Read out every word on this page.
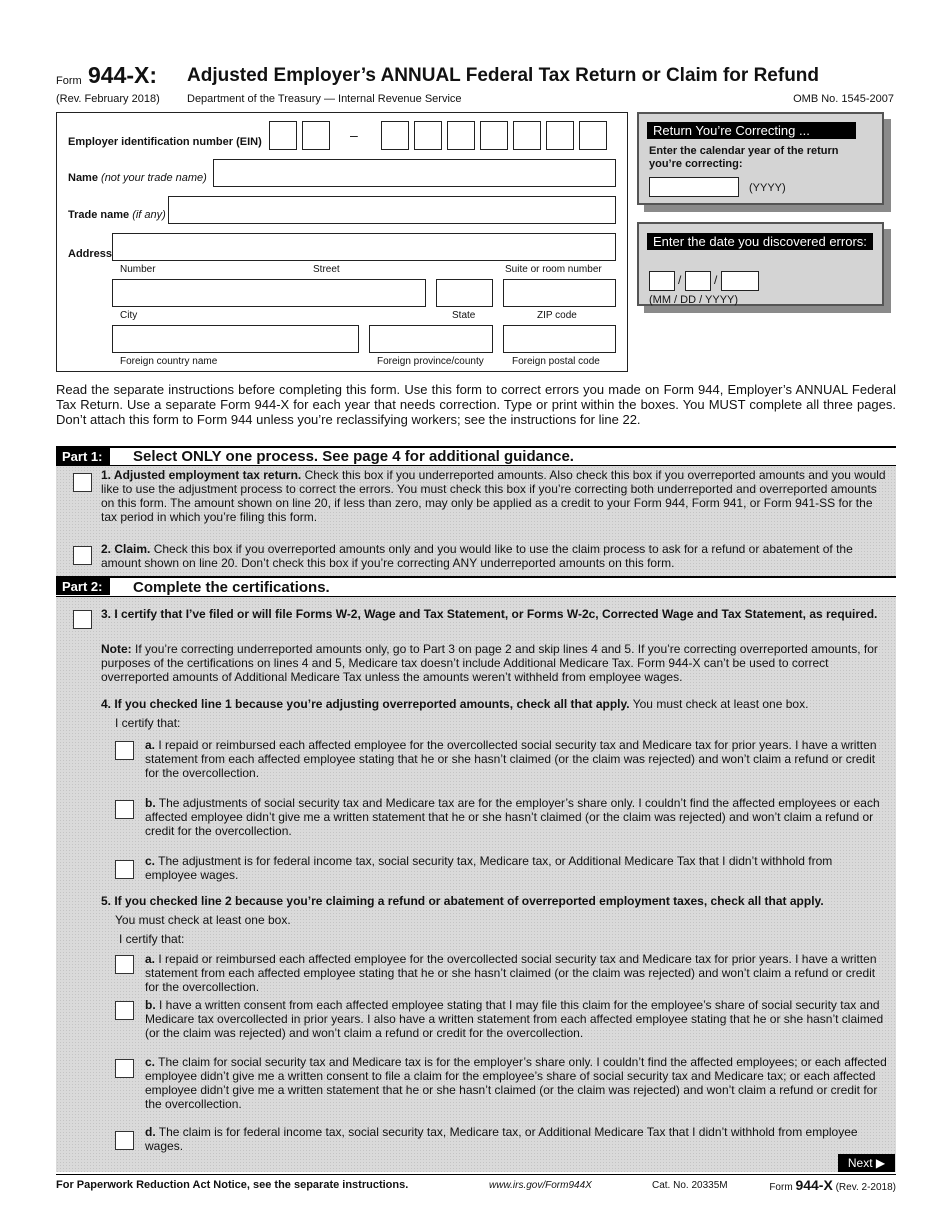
Form 944-X: Adjusted Employer’s ANNUAL Federal Tax Return or Claim for Refund
(Rev. February 2018) Department of the Treasury — Internal Revenue Service	OMB No. 1545-2007
Employer identification number (EIN)	–
Name (not your trade name)
Trade name (if any)
Address
Number	Street	Suite or room number
City	State	ZIP code
Foreign country name	Foreign province/county	Foreign postal code
Return You’re Correcting ...
Enter the calendar year of the return you’re correcting:
(YYYY)
Enter the date you discovered errors:
/	/
(MM / DD / YYYY)
Read the separate instructions before completing this form. Use this form to correct errors you made on Form 944, Employer’s ANNUAL Federal Tax Return. Use a separate Form 944-X for each year that needs correction. Type or print within the boxes. You MUST complete all three pages. Don’t attach this form to Form 944 unless you’re reclassifying workers; see the instructions for line 22.
Part 1:	Select ONLY one process. See page 4 for additional guidance.
1. Adjusted employment tax return. Check this box if you underreported amounts. Also check this box if you overreported amounts and you would like to use the adjustment process to correct the errors. You must check this box if you’re correcting both underreported and overreported amounts on this form. The amount shown on line 20, if less than zero, may only be applied as a credit to your Form 944, Form 941, or Form 941-SS for the tax period in which you’re filing this form.
2. Claim. Check this box if you overreported amounts only and you would like to use the claim process to ask for a refund or abatement of the amount shown on line 20. Don’t check this box if you’re correcting ANY underreported amounts on this form.
Part 2:	Complete the certifications.
3. I certify that I’ve filed or will file Forms W-2, Wage and Tax Statement, or Forms W-2c, Corrected Wage and Tax Statement, as required.
Note: If you’re correcting underreported amounts only, go to Part 3 on page 2 and skip lines 4 and 5. If you’re correcting overreported amounts, for purposes of the certifications on lines 4 and 5, Medicare tax doesn’t include Additional Medicare Tax. Form 944-X can’t be used to correct overreported amounts of Additional Medicare Tax unless the amounts weren’t withheld from employee wages.
4. If you checked line 1 because you’re adjusting overreported amounts, check all that apply. You must check at least one box.
I certify that:
a. I repaid or reimbursed each affected employee for the overcollected social security tax and Medicare tax for prior years. I have a written statement from each affected employee stating that he or she hasn’t claimed (or the claim was rejected) and won’t claim a refund or credit for the overcollection.
b. The adjustments of social security tax and Medicare tax are for the employer’s share only. I couldn’t find the affected employees or each affected employee didn’t give me a written statement that he or she hasn’t claimed (or the claim was rejected) and won’t claim a refund or credit for the overcollection.
c. The adjustment is for federal income tax, social security tax, Medicare tax, or Additional Medicare Tax that I didn’t withhold from employee wages.
5. If you checked line 2 because you’re claiming a refund or abatement of overreported employment taxes, check all that apply.
You must check at least one box.
I certify that:
a. I repaid or reimbursed each affected employee for the overcollected social security tax and Medicare tax for prior years. I have a written statement from each affected employee stating that he or she hasn’t claimed (or the claim was rejected) and won’t claim a refund or credit for the overcollection.
b. I have a written consent from each affected employee stating that I may file this claim for the employee’s share of social security tax and Medicare tax overcollected in prior years. I also have a written statement from each affected employee stating that he or she hasn’t claimed (or the claim was rejected) and won’t claim a refund or credit for the overcollection.
c. The claim for social security tax and Medicare tax is for the employer’s share only. I couldn’t find the affected employees; or each affected employee didn’t give me a written consent to file a claim for the employee’s share of social security tax and Medicare tax; or each affected employee didn’t give me a written statement that he or she hasn’t claimed (or the claim was rejected) and won’t claim a refund or credit for the overcollection.
d. The claim is for federal income tax, social security tax, Medicare tax, or Additional Medicare Tax that I didn’t withhold from employee wages.
Next ▶
For Paperwork Reduction Act Notice, see the separate instructions.	www.irs.gov/Form944X	Cat. No. 20335M	Form 944-X (Rev. 2-2018)
